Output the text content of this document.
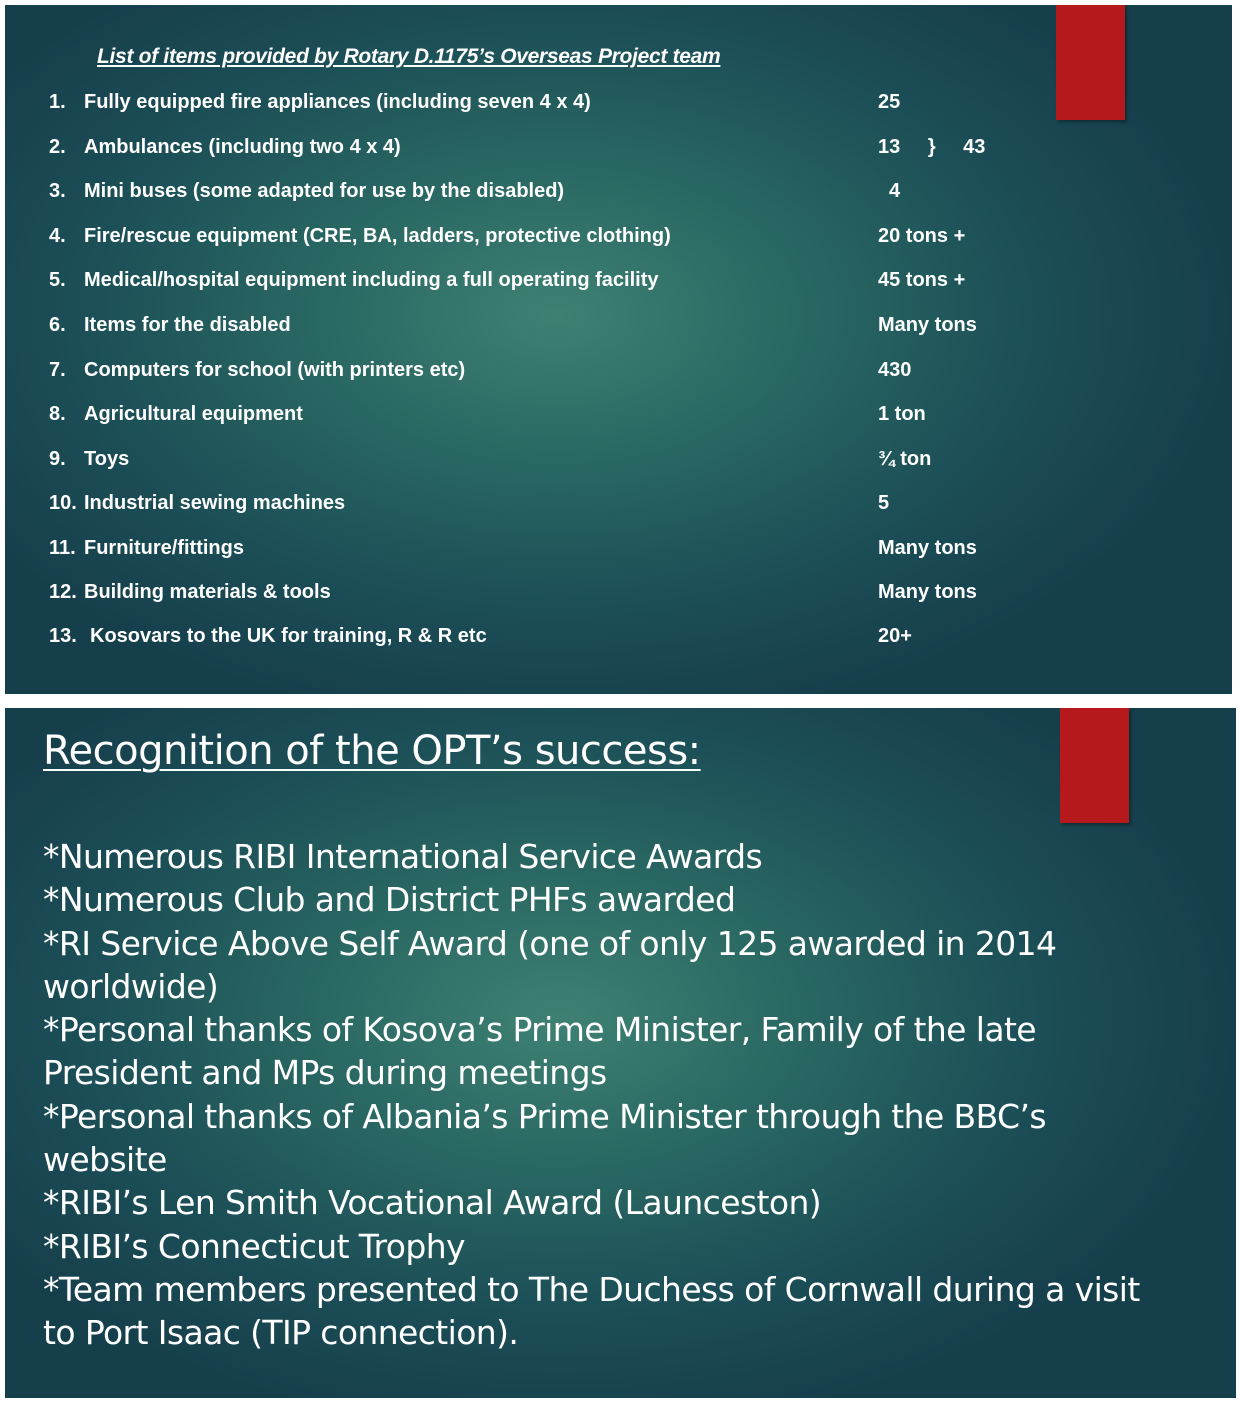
List of items provided by Rotary D.1175’s Overseas Project team
1. Fully equipped fire appliances (including seven 4 x 4)	25
2. Ambulances (including two 4 x 4)	13 } 43
3. Mini buses (some adapted for use by the disabled)	4
4. Fire/rescue equipment (CRE, BA, ladders, protective clothing)	20 tons +
5. Medical/hospital equipment including a full operating facility	45 tons +
6. Items for the disabled	Many tons
7. Computers for school (with printers etc)	430
8. Agricultural equipment	1 ton
9. Toys	¾ ton
10. Industrial sewing machines	5
11. Furniture/fittings	Many tons
12. Building materials & tools	Many tons
13. Kosovars to the UK for training, R & R etc	20+
Recognition of the OPT’s success:
*Numerous RIBI International Service Awards
*Numerous Club and District PHFs awarded
*RI Service Above Self Award (one of only 125 awarded in 2014
worldwide)
*Personal thanks of Kosova’s Prime Minister, Family of the late
President and MPs during meetings
*Personal thanks of Albania’s Prime Minister through the BBC’s
website
*RIBI’s Len Smith Vocational Award (Launceston)
*RIBI’s Connecticut Trophy
*Team members presented to The Duchess of Cornwall during a visit
to Port Isaac (TIP connection).
